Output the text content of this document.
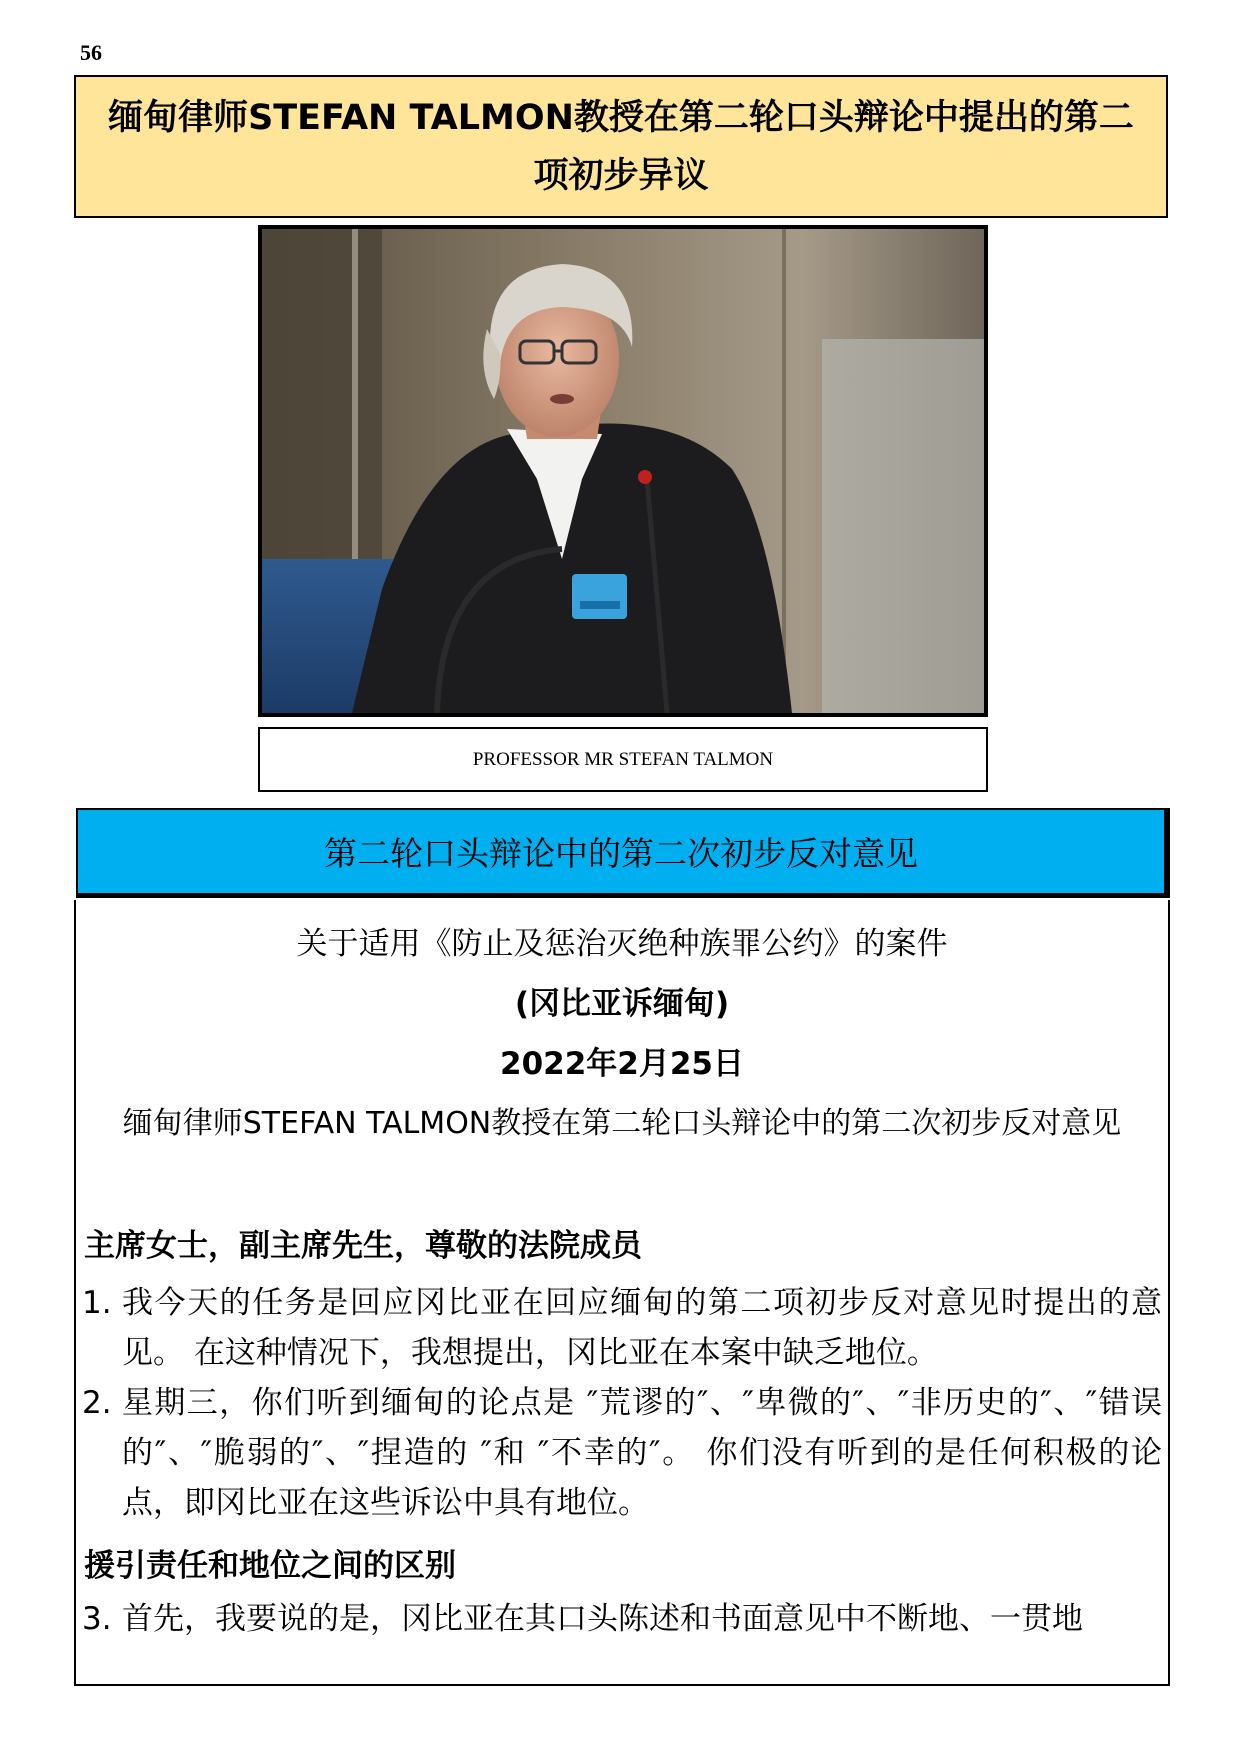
56
缅甸律师STEFAN TALMON教授在第二轮口头辩论中提出的第二项初步异议
PROFESSOR MR STEFAN TALMON
第二轮口头辩论中的第二次初步反对意见
关于适用《防止及惩治灭绝种族罪公约》的案件
(冈比亚诉缅甸)
2022年2月25日
缅甸律师STEFAN TALMON教授在第二轮口头辩论中的第二次初步反对意见
主席女士，副主席先生，尊敬的法院成员
1. 我今天的任务是回应冈比亚在回应缅甸的第二项初步反对意见时提出的意见。 在这种情况下，我想提出，冈比亚在本案中缺乏地位。
2. 星期三，你们听到缅甸的论点是 ″荒谬的″、″卑微的″、″非历史的″、″错误的″、″脆弱的″、″捏造的 ″和 ″不幸的″。 你们没有听到的是任何积极的论点，即冈比亚在这些诉讼中具有地位。
援引责任和地位之间的区别
3. 首先，我要说的是，冈比亚在其口头陈述和书面意见中不断地、一贯地
